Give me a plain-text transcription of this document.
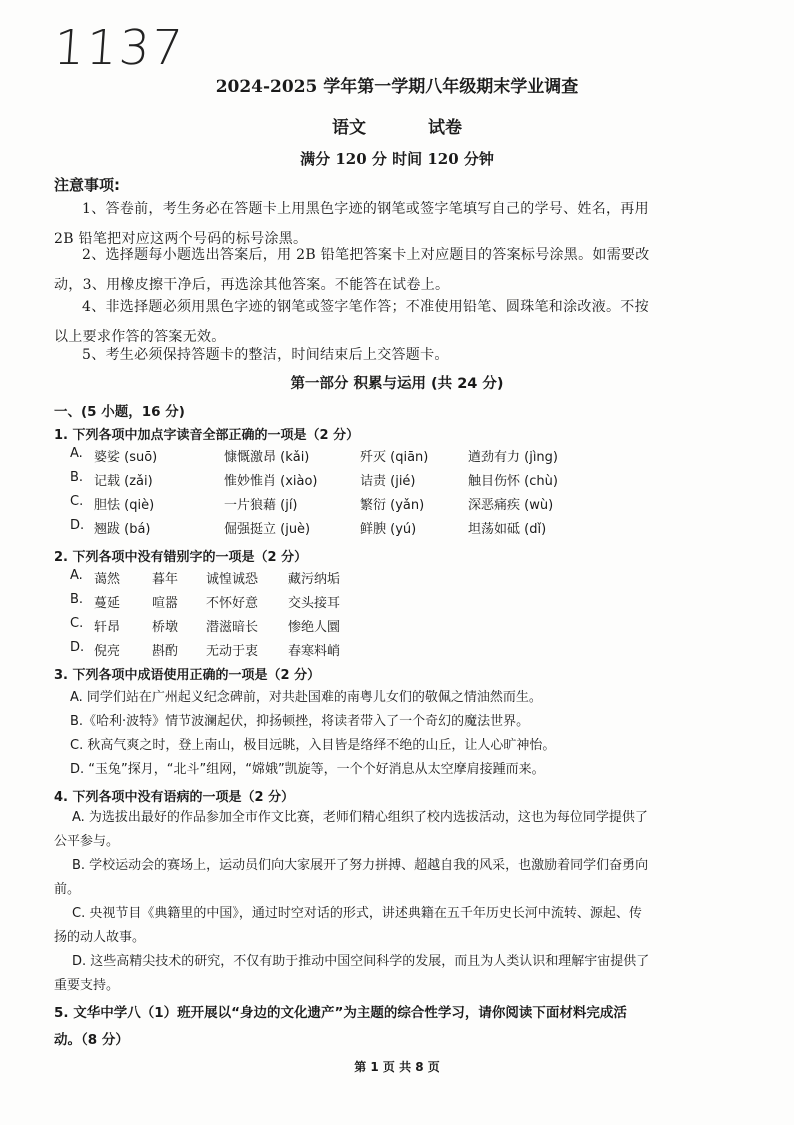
1137
2024-2025 学年第一学期八年级期末学业调查
语文	试卷
满分 120 分 时间 120 分钟
注意事项:
1、答卷前，考生务必在答题卡上用黑色字迹的钢笔或签字笔填写自己的学号、姓名，再用 2B 铅笔把对应这两个号码的标号涂黑。
2、选择题每小题选出答案后，用 2B 铅笔把答案卡上对应题目的答案标号涂黑。如需要改动，3、用橡皮擦干净后，再选涂其他答案。不能答在试卷上。
4、非选择题必须用黑色字迹的钢笔或签字笔作答；不准使用铅笔、圆珠笔和涂改液。不按以上要求作答的答案无效。
5、考生必须保持答题卡的整洁，时间结束后上交答题卡。
第一部分 积累与运用 (共 24 分)
一、(5 小题，16 分)
1. 下列各项中加点字读音全部正确的一项是（2 分）
A. 婆娑 (suō)	慷慨激昂 (kǎi)	歼灭 (qiān)	遒劲有力 (jìng)
B. 记载 (zǎi)	惟妙惟肖 (xiào)	诘责 (jié)	触目伤怀 (chù)
C. 胆怯 (qiè)	一片狼藉 (jí)	繁衍 (yǎn)	深恶痛疾 (wù)
D. 翘跋 (bá)	倔强挺立 (juè)	鲜腴 (yú)	坦荡如砥 (dǐ)
2. 下列各项中没有错别字的一项是（2 分）
A. 蔼然 暮年 诚惶诚恐 藏污纳垢
B. 蔓延 喧嚣 不怀好意 交头接耳
C. 轩昂 桥墩 潜滋暗长 惨绝人圜
D. 倪亮 斟酌 无动于衷 春寒料峭
3. 下列各项中成语使用正确的一项是（2 分）
A. 同学们站在广州起义纪念碑前，对共赴国难的南粤儿女们的敬佩之情油然而生。
B.《哈利·波特》情节波澜起伏，抑扬顿挫，将读者带入了一个奇幻的魔法世界。
C. 秋高气爽之时，登上南山，极目远眺，入目皆是络绎不绝的山丘，让人心旷神怡。
D. “玉兔”探月，“北斗”组网，“嫦娥”凯旋等，一个个好消息从太空摩肩接踵而来。
4. 下列各项中没有语病的一项是（2 分）
A. 为选拔出最好的作品参加全市作文比赛，老师们精心组织了校内选拔活动，这也为每位同学提供了公平参与。
B. 学校运动会的赛场上，运动员们向大家展开了努力拼搏、超越自我的风采，也激励着同学们奋勇向前。
C. 央视节目《典籍里的中国》，通过时空对话的形式，讲述典籍在五千年历史长河中流转、源起、传扬的动人故事。
D. 这些高精尖技术的研究，不仅有助于推动中国空间科学的发展，而且为人类认识和理解宇宙提供了重要支持。
5. 文华中学八（1）班开展以“身边的文化遗产”为主题的综合性学习，请你阅读下面材料完成活动。（8 分）
第 1 页 共 8 页
